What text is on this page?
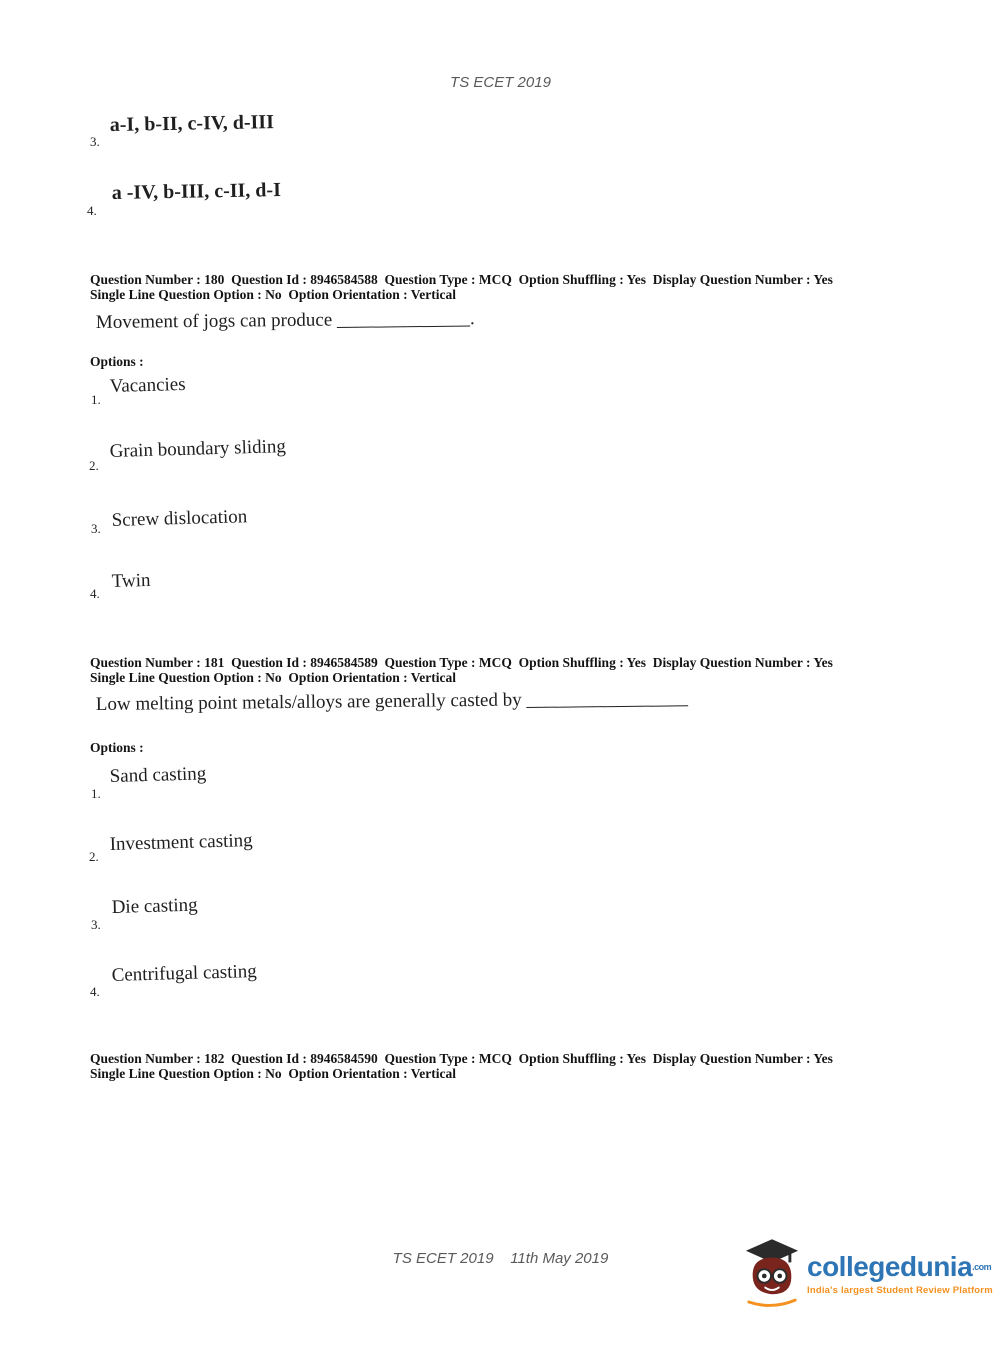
TS ECET 2019
3.
a-I, b-II, c-IV, d-III
4.
a -IV, b-III, c-II, d-I
Question Number : 180  Question Id : 8946584588  Question Type : MCQ  Option Shuffling : Yes  Display Question Number : Yes
Single Line Question Option : No  Option Orientation : Vertical
Movement of jogs can produce ______________.
Options :
1.
Vacancies
2.
Grain boundary sliding
3. Screw dislocation
4.
Twin
Question Number : 181  Question Id : 8946584589  Question Type : MCQ  Option Shuffling : Yes  Display Question Number : Yes
Single Line Question Option : No  Option Orientation : Vertical
Low melting point metals/alloys are generally casted by _________________
Options :
1.
Sand casting
2.
Investment casting
3.
Die casting
4.
Centrifugal casting
Question Number : 182  Question Id : 8946584590  Question Type : MCQ  Option Shuffling : Yes  Display Question Number : Yes
Single Line Question Option : No  Option Orientation : Vertical
TS ECET 2019    11th May 2019	collegedunia$^{.com}$
India's largest Student Review Platform
